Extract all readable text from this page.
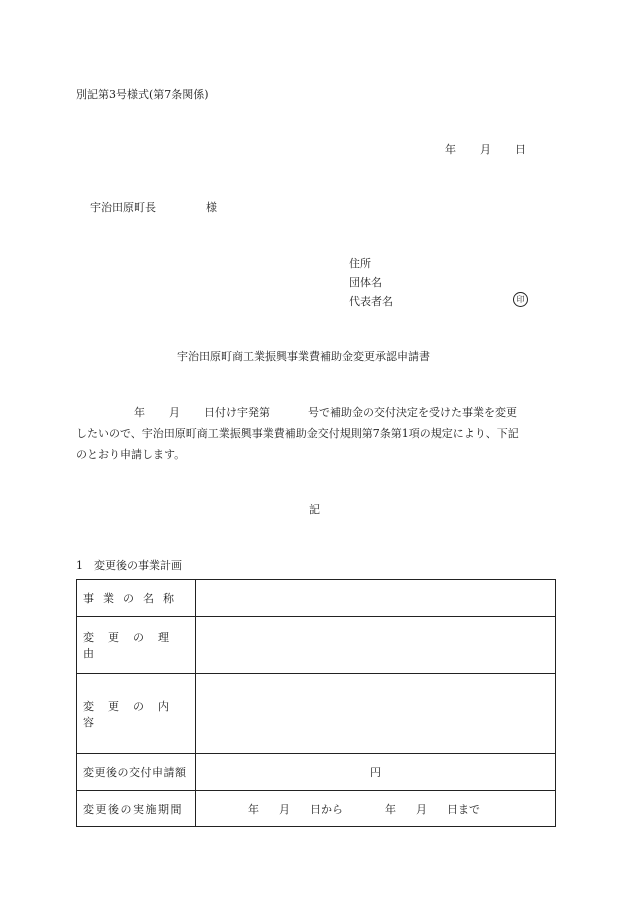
別記第3号様式(第7条関係)
年 月 日
宇治田原町長	様
住所
団体名
代表者名	印
宇治田原町商工業振興事業費補助金変更承認申請書
年 月 日付け宇発第	号で補助金の交付決定を受けた事業を変更
したいので、宇治田原町商工業振興事業費補助金交付規則第7条第1項の規定により、下記
のとおり申請します。
記
1　変更後の事業計画
事業の名称	
変更の理由	
変更の内容	
変更後の交付申請額	円
変更後の実施期間	年 月 日から 年 月 日まで
